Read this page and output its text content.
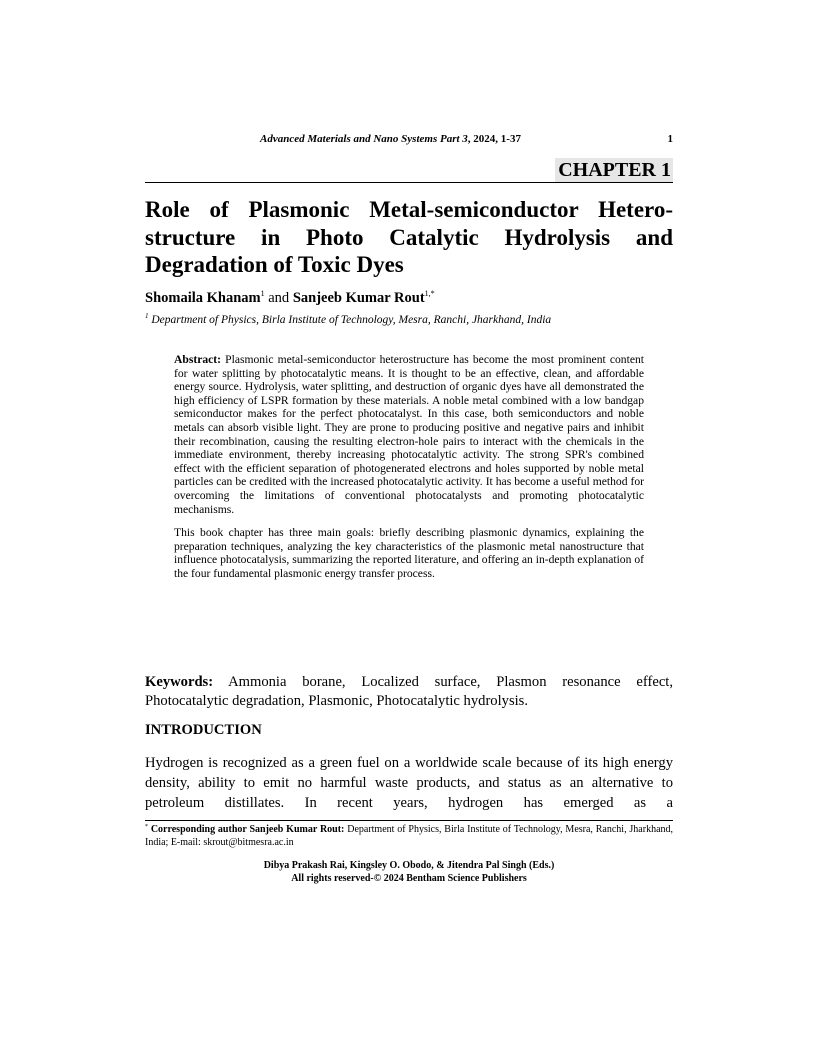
Advanced Materials and Nano Systems Part 3, 2024, 1-37	1
CHAPTER 1
Role of Plasmonic Metal-semiconductor Hetero-structure in Photo Catalytic Hydrolysis and Degradation of Toxic Dyes
Shomaila Khanam$^1$ and Sanjeeb Kumar Rout$^{1,*}$
$^1$ Department of Physics, Birla Institute of Technology, Mesra, Ranchi, Jharkhand, India

Abstract: Plasmonic metal-semiconductor heterostructure has become the most prominent content for water splitting by photocatalytic means. It is thought to be an effective, clean, and affordable energy source. Hydrolysis, water splitting, and destruction of organic dyes have all demonstrated the high efficiency of LSPR formation by these materials. A noble metal combined with a low bandgap semiconductor makes for the perfect photocatalyst. In this case, both semiconductors and noble metals can absorb visible light. They are prone to producing positive and negative pairs and inhibit their recombination, causing the resulting electron-hole pairs to interact with the chemicals in the immediate environment, thereby increasing photocatalytic activity. The strong SPR's combined effect with the efficient separation of photogenerated electrons and holes supported by noble metal particles can be credited with the increased photocatalytic activity. It has become a useful method for overcoming the limitations of conventional photocatalysts and promoting photocatalytic mechanisms.

This book chapter has three main goals: briefly describing plasmonic dynamics, explaining the preparation techniques, analyzing the key characteristics of the plasmonic metal nanostructure that influence photocatalysis, summarizing the reported literature, and offering an in-depth explanation of the four fundamental plasmonic energy transfer process.

Keywords: Ammonia borane, Localized surface, Plasmon resonance effect, Photocatalytic degradation, Plasmonic, Photocatalytic hydrolysis.

INTRODUCTION

Hydrogen is recognized as a green fuel on a worldwide scale because of its high energy density, ability to emit no harmful waste products, and status as an alternative to petroleum distillates. In recent years, hydrogen has emerged as a

* Corresponding author Sanjeeb Kumar Rout: Department of Physics, Birla Institute of Technology, Mesra, Ranchi, Jharkhand, India; E-mail: skrout@bitmesra.ac.in

Dibya Prakash Rai, Kingsley O. Obodo, & Jitendra Pal Singh (Eds.)
All rights reserved-© 2024 Bentham Science Publishers
